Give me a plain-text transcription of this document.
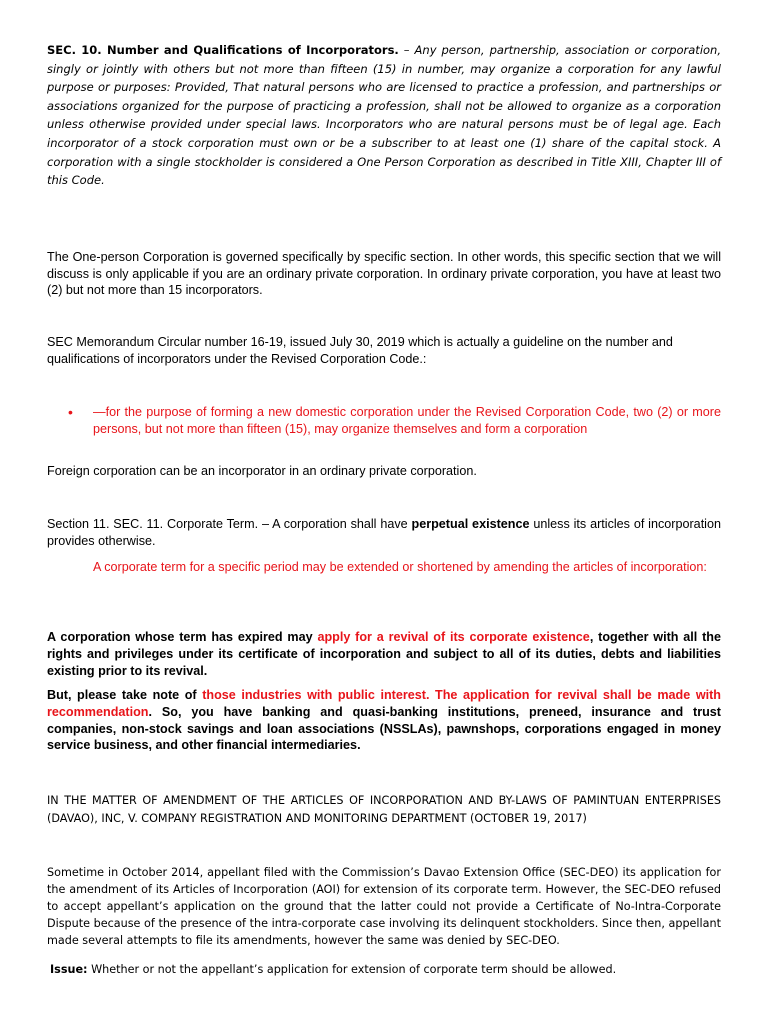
SEC. 10. Number and Qualifications of Incorporators. – Any person, partnership, association or corporation, singly or jointly with others but not more than fifteen (15) in number, may organize a corporation for any lawful purpose or purposes: Provided, That natural persons who are licensed to practice a profession, and partnerships or associations organized for the purpose of practicing a profession, shall not be allowed to organize as a corporation unless otherwise provided under special laws. Incorporators who are natural persons must be of legal age. Each incorporator of a stock corporation must own or be a subscriber to at least one (1) share of the capital stock. A corporation with a single stockholder is considered a One Person Corporation as described in Title XIII, Chapter III of this Code.
The One-person Corporation is governed specifically by specific section. In other words, this specific section that we will discuss is only applicable if you are an ordinary private corporation. In ordinary private corporation, you have at least two (2) but not more than 15 incorporators.
SEC Memorandum Circular number 16-19, issued July 30, 2019 which is actually a guideline on the number and qualifications of incorporators under the Revised Corporation Code.:
• —for the purpose of forming a new domestic corporation under the Revised Corporation Code, two (2) or more persons, but not more than fifteen (15), may organize themselves and form a corporation
Foreign corporation can be an incorporator in an ordinary private corporation.
Section 11. SEC. 11. Corporate Term. – A corporation shall have perpetual existence unless its articles of incorporation provides otherwise.
A corporate term for a specific period may be extended or shortened by amending the articles of incorporation:
A corporation whose term has expired may apply for a revival of its corporate existence, together with all the rights and privileges under its certificate of incorporation and subject to all of its duties, debts and liabilities existing prior to its revival.
But, please take note of those industries with public interest. The application for revival shall be made with recommendation. So, you have banking and quasi-banking institutions, preneed, insurance and trust companies, non-stock savings and loan associations (NSSLAs), pawnshops, corporations engaged in money service business, and other financial intermediaries.
IN THE MATTER OF AMENDMENT OF THE ARTICLES OF INCORPORATION AND BY-LAWS OF PAMINTUAN ENTERPRISES (DAVAO), INC, V. COMPANY REGISTRATION AND MONITORING DEPARTMENT (OCTOBER 19, 2017)
Sometime in October 2014, appellant filed with the Commission’s Davao Extension Office (SEC-DEO) its application for the amendment of its Articles of Incorporation (AOI) for extension of its corporate term. However, the SEC-DEO refused to accept appellant’s application on the ground that the latter could not provide a Certificate of No-Intra-Corporate Dispute because of the presence of the intra-corporate case involving its delinquent stockholders. Since then, appellant made several attempts to file its amendments, however the same was denied by SEC-DEO.
Issue: Whether or not the appellant’s application for extension of corporate term should be allowed.
